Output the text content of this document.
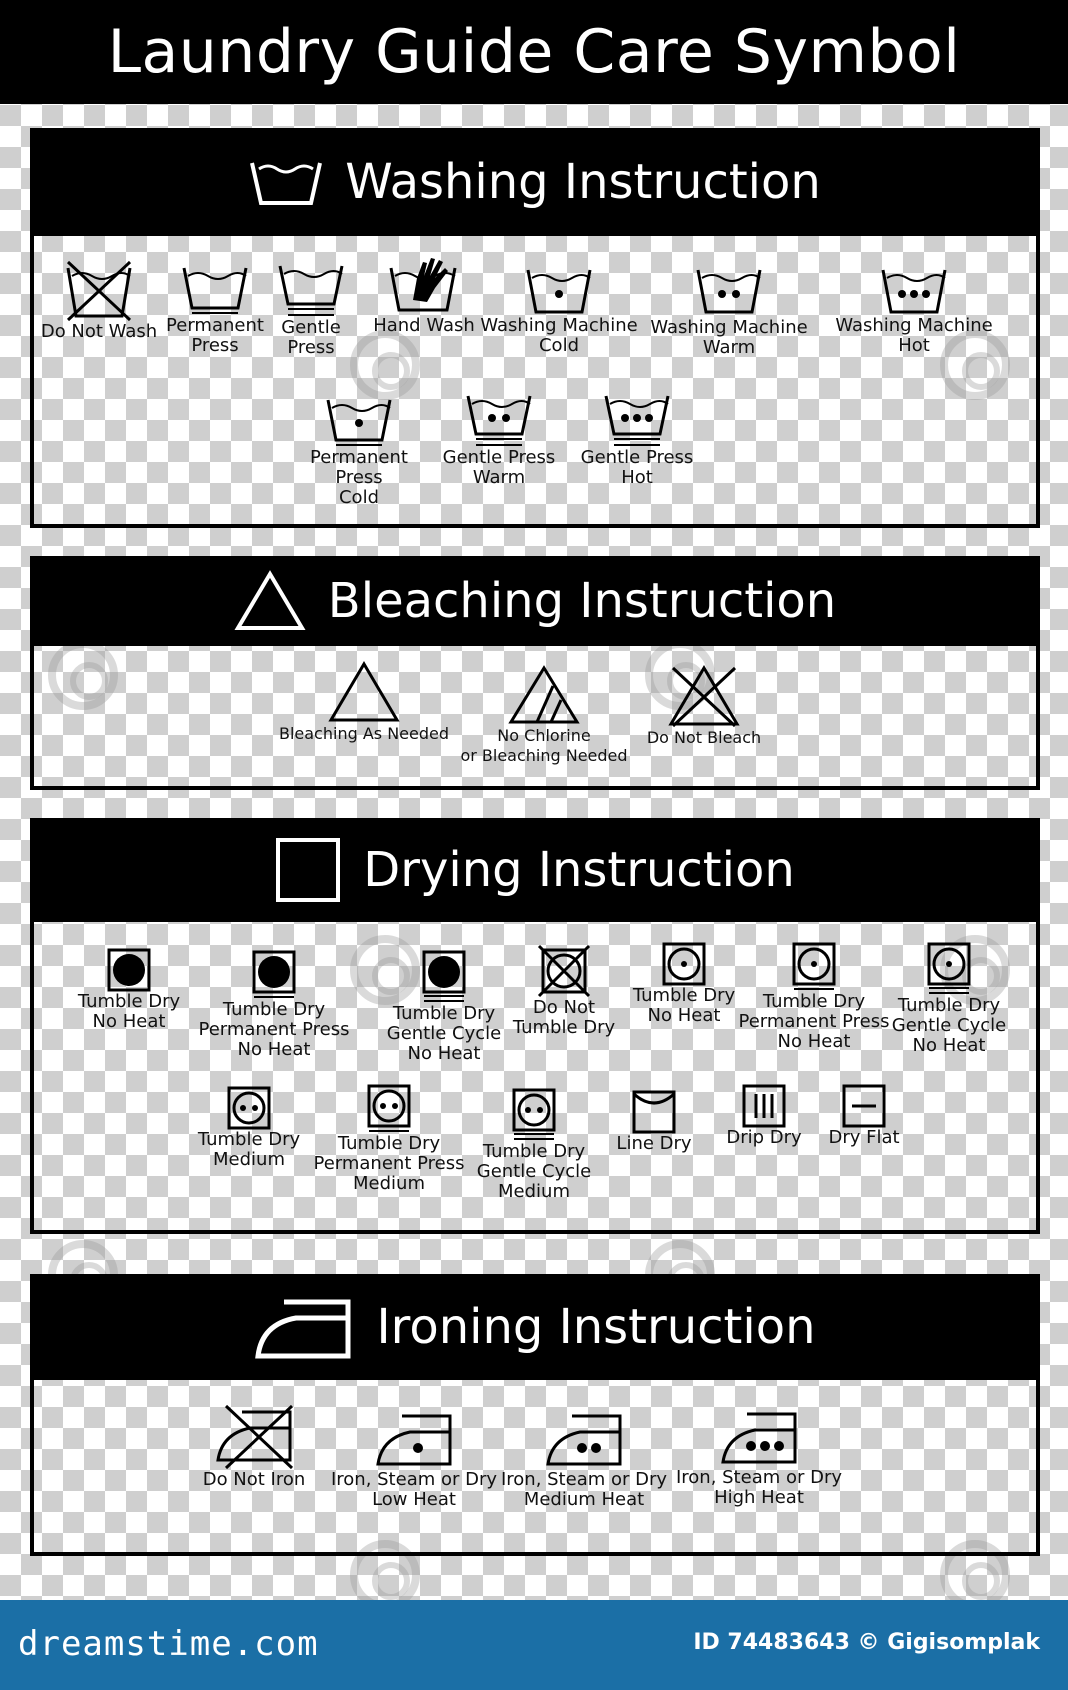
Laundry Guide Care Symbol
Washing Instruction
Do Not Wash Permanent
Press
Gentle
Press
Hand Wash Washing Machine
Cold
Washing Machine
Warm
Washing Machine
Hot
Permanent
Press
Cold
Gentle Press
Warm
Gentle Press
Hot
Bleaching Instruction
Bleaching As Needed	No Chlorine
or Bleaching Needed
Do Not Bleach
Drying Instruction
Tumble Dry
No Heat
Tumble Dry
Permanent Press
No Heat
Tumble Dry
Gentle Cycle
No Heat
Do Not
Tumble Dry
Tumble Dry
No Heat
Tumble Dry
Permanent Press
No Heat
Tumble Dry
Gentle Cycle
No Heat
Tumble Dry
Medium
Tumble Dry
Permanent Press
Medium
Tumble Dry
Gentle Cycle
Medium
Line Dry	Drip Dry	Dry Flat
Ironing Instruction
Do Not Iron	Iron, Steam or Dry
Low Heat
Iron, Steam or Dry
Medium Heat
Iron, Steam or Dry
High Heat
dreamstime.com	ID 74483643 © Gigisomplak
